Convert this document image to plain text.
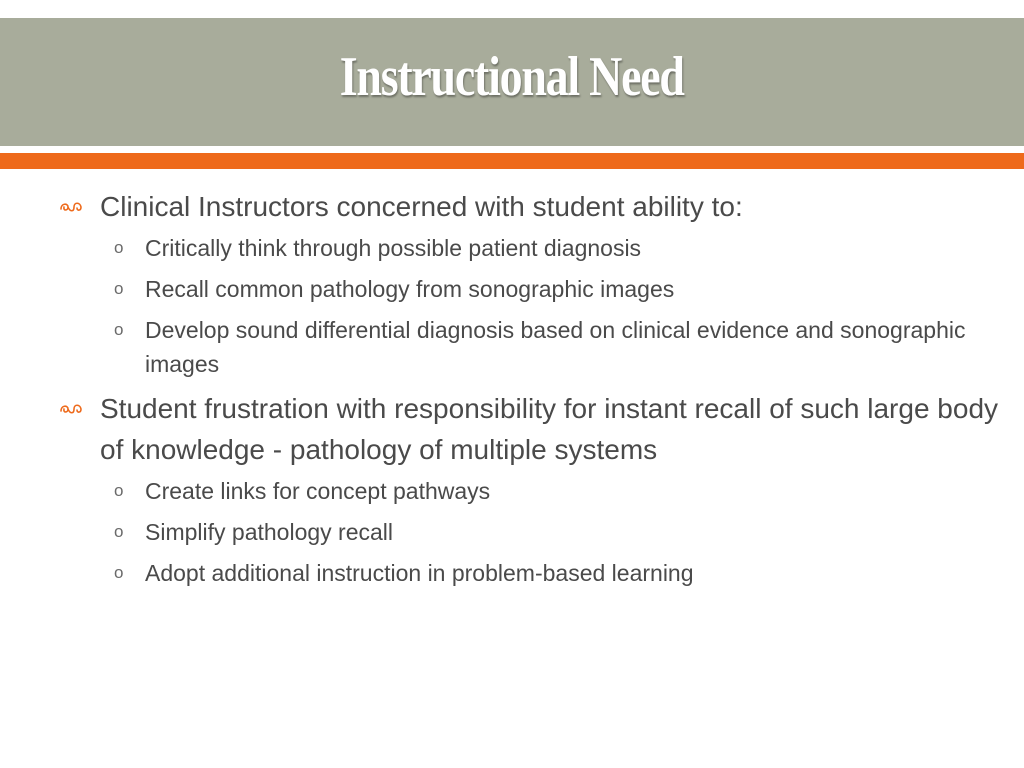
Instructional Need
Clinical Instructors concerned with student ability to:
o Critically think through possible patient diagnosis
o Recall common pathology from sonographic images
o Develop sound differential diagnosis based on clinical evidence and sonographic images
Student frustration with responsibility for instant recall of such large body of knowledge - pathology of multiple systems
o Create links for concept pathways
o Simplify pathology recall
o Adopt additional instruction in problem-based learning
